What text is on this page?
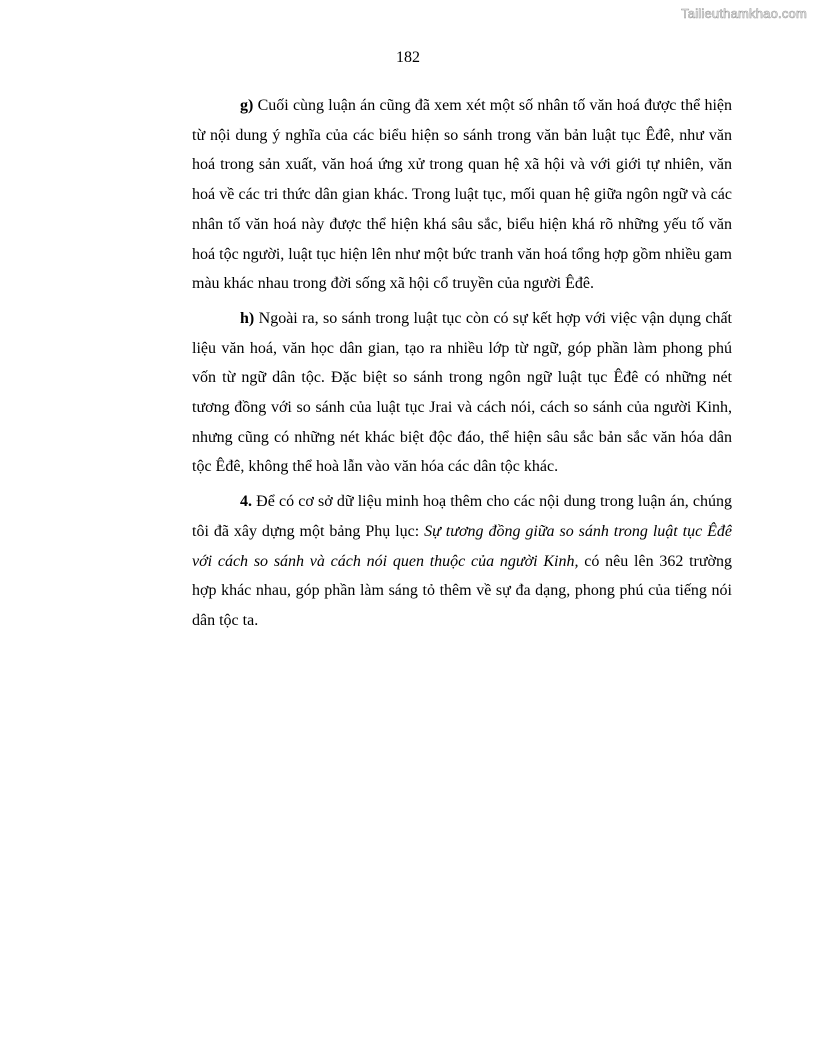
Tailieuthamkhao.com
182

g) Cuối cùng luận án cũng đã xem xét một số nhân tố văn hoá được thể hiện từ nội dung ý nghĩa của các biểu hiện so sánh trong văn bản luật tục Êđê, như văn hoá trong sản xuất, văn hoá ứng xử trong quan hệ xã hội và với giới tự nhiên, văn hoá về các tri thức dân gian khác. Trong luật tục, mối quan hệ giữa ngôn ngữ và các nhân tố văn hoá này được thể hiện khá sâu sắc, biểu hiện khá rõ những yếu tố văn hoá tộc người, luật tục hiện lên như một bức tranh văn hoá tổng hợp gồm nhiều gam màu khác nhau trong đời sống xã hội cổ truyền của người Êđê.

h) Ngoài ra, so sánh trong luật tục còn có sự kết hợp với việc vận dụng chất liệu văn hoá, văn học dân gian, tạo ra nhiều lớp từ ngữ, góp phần làm phong phú vốn từ ngữ dân tộc. Đặc biệt so sánh trong ngôn ngữ luật tục Êđê có những nét tương đồng với so sánh của luật tục Jrai và cách nói, cách so sánh của người Kinh, nhưng cũng có những nét khác biệt độc đáo, thể hiện sâu sắc bản sắc văn hóa dân tộc Êđê, không thể hoà lẫn vào văn hóa các dân tộc khác.

4. Để có cơ sở dữ liệu minh hoạ thêm cho các nội dung trong luận án, chúng tôi đã xây dựng một bảng Phụ lục: Sự tương đồng giữa so sánh trong luật tục Êđê với cách so sánh và cách nói quen thuộc của người Kinh, có nêu lên 362 trường hợp khác nhau, góp phần làm sáng tỏ thêm về sự đa dạng, phong phú của tiếng nói dân tộc ta.
